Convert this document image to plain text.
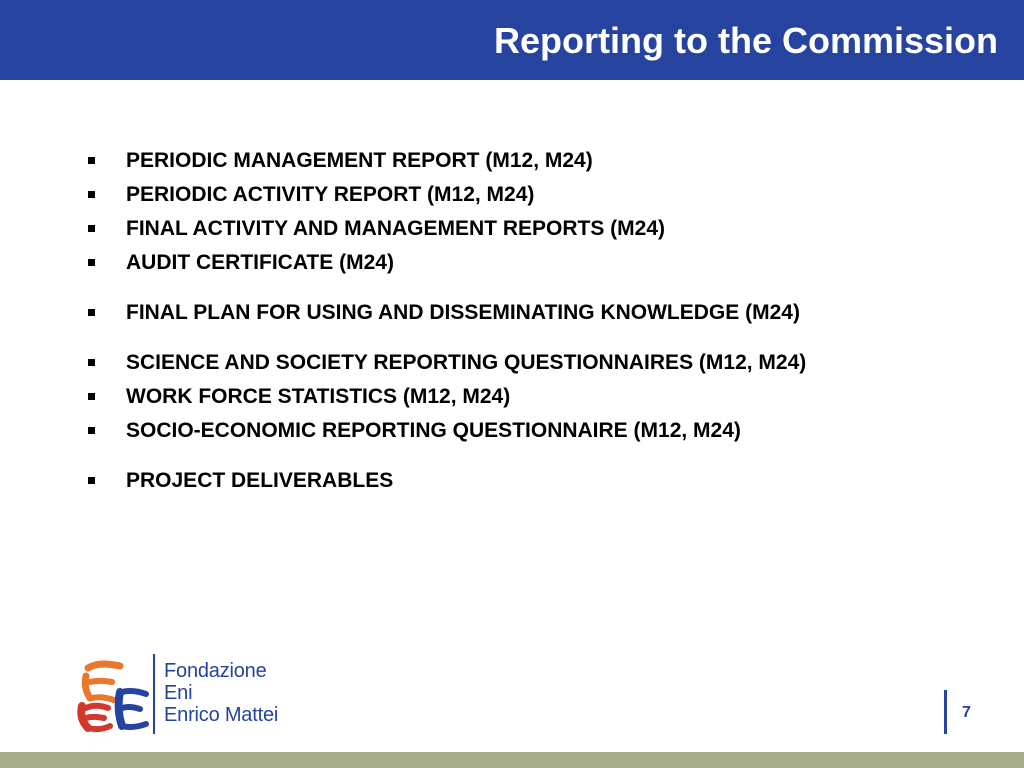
Reporting to the Commission
PERIODIC MANAGEMENT REPORT (M12, M24)
PERIODIC ACTIVITY REPORT (M12, M24)
FINAL ACTIVITY AND MANAGEMENT REPORTS (M24)
AUDIT CERTIFICATE (M24)
FINAL PLAN FOR USING AND DISSEMINATING KNOWLEDGE (M24)
SCIENCE AND SOCIETY REPORTING QUESTIONNAIRES (M12, M24)
WORK FORCE STATISTICS (M12, M24)
SOCIO-ECONOMIC REPORTING QUESTIONNAIRE (M12, M24)
PROJECT DELIVERABLES
Fondazione
Eni
Enrico Mattei	7
